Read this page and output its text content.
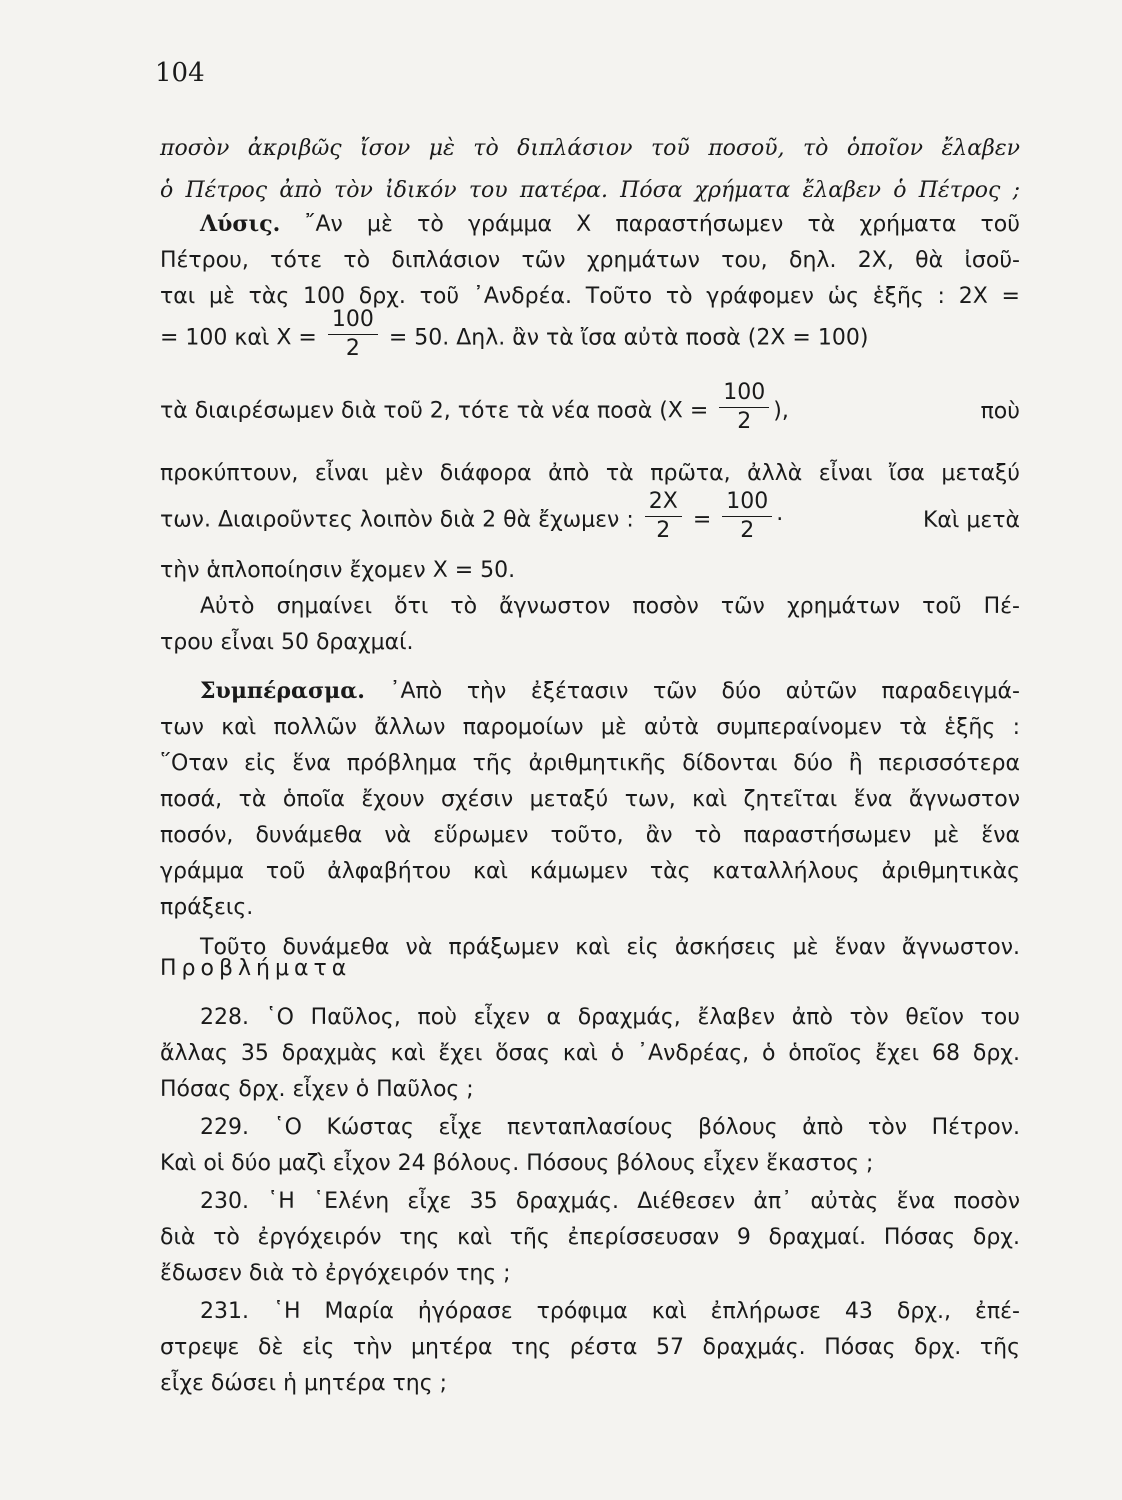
104
ποσὸν ἀκριβῶς ἴσον μὲ τὸ διπλάσιον τοῦ ποσοῦ, τὸ ὁποῖον ἔλαβεν
ὁ Πέτρος ἀπὸ τὸν ἰδικόν του πατέρα. Πόσα χρήματα ἔλαβεν ὁ Πέτρος ;
Λύσις. ῎Αν μὲ τὸ γράμμα Χ παραστήσωμεν τὰ χρήματα τοῦ
Πέτρου, τότε τὸ διπλάσιον τῶν χρημάτων του, δηλ. 2Χ, θὰ ἰσοῦ-
ται μὲ τὰς 100 δρχ. τοῦ ᾿Ανδρέα. Τοῦτο τὸ γράφομεν ὡς ἑξῆς : 2Χ =
= 100 καὶ $X = \frac{100}{2} = 50$. Δηλ. ἂν τὰ ἴσα αὐτὰ ποσὰ (2Χ = 100)
τὰ διαιρέσωμεν διὰ τοῦ 2, τότε τὰ νέα ποσὰ ($X = \frac{100}{2}$ ),	ποὺ
προκύπτουν, εἶναι μὲν διάφορα ἀπὸ τὰ πρῶτα, ἀλλὰ εἶναι ἴσα μεταξύ
των. Διαιροῦντες λοιπὸν διὰ 2 θὰ ἔχωμεν : $\frac{2X}{2} = \frac{100}{2}$ ·	Καὶ μετὰ
τὴν ἁπλοποίησιν ἔχομεν Χ = 50.
Αὐτὸ σημαίνει ὅτι τὸ ἄγνωστον ποσὸν τῶν χρημάτων τοῦ Πέ-
τρου εἶναι 50 δραχμαί.
Συμπέρασμα. ᾿Απὸ τὴν ἐξέτασιν τῶν δύο αὐτῶν παραδειγμά-
των καὶ πολλῶν ἄλλων παρομοίων μὲ αὐτὰ συμπεραίνομεν τὰ ἑξῆς :
῞Οταν εἰς ἕνα πρόβλημα τῆς ἀριθμητικῆς δίδονται δύο ἢ περισσότερα
ποσά, τὰ ὁποῖα ἔχουν σχέσιν μεταξύ των, καὶ ζητεῖται ἕνα ἄγνωστον
ποσόν, δυνάμεθα νὰ εὕρωμεν τοῦτο, ἂν τὸ παραστήσωμεν μὲ ἕνα
γράμμα τοῦ ἀλφαβήτου καὶ κάμωμεν τὰς καταλλήλους ἀριθμητικὰς
πράξεις.
Τοῦτο δυνάμεθα νὰ πράξωμεν καὶ εἰς ἀσκήσεις μὲ ἕναν ἄγνωστον.
Προβλήματα
228. ῾Ο Παῦλος, ποὺ εἶχεν α δραχμάς, ἔλαβεν ἀπὸ τὸν θεῖον του
ἄλλας 35 δραχμὰς καὶ ἔχει ὅσας καὶ ὁ ᾿Ανδρέας, ὁ ὁποῖος ἔχει 68 δρχ.
Πόσας δρχ. εἶχεν ὁ Παῦλος ;
229. ῾Ο Κώστας εἶχε πενταπλασίους βόλους ἀπὸ τὸν Πέτρον.
Καὶ οἱ δύο μαζὶ εἶχον 24 βόλους. Πόσους βόλους εἶχεν ἕκαστος ;
230. ῾Η ῾Ελένη εἶχε 35 δραχμάς. Διέθεσεν ἀπ᾿ αὐτὰς ἕνα ποσὸν
διὰ τὸ ἐργόχειρόν της καὶ τῆς ἐπερίσσευσαν 9 δραχμαί. Πόσας δρχ.
ἔδωσεν διὰ τὸ ἐργόχειρόν της ;
231. ῾Η Μαρία ἠγόρασε τρόφιμα καὶ ἐπλήρωσε 43 δρχ., ἐπέ-
στρεψε δὲ εἰς τὴν μητέρα της ρέστα 57 δραχμάς. Πόσας δρχ. τῆς
εἶχε δώσει ἡ μητέρα της ;
